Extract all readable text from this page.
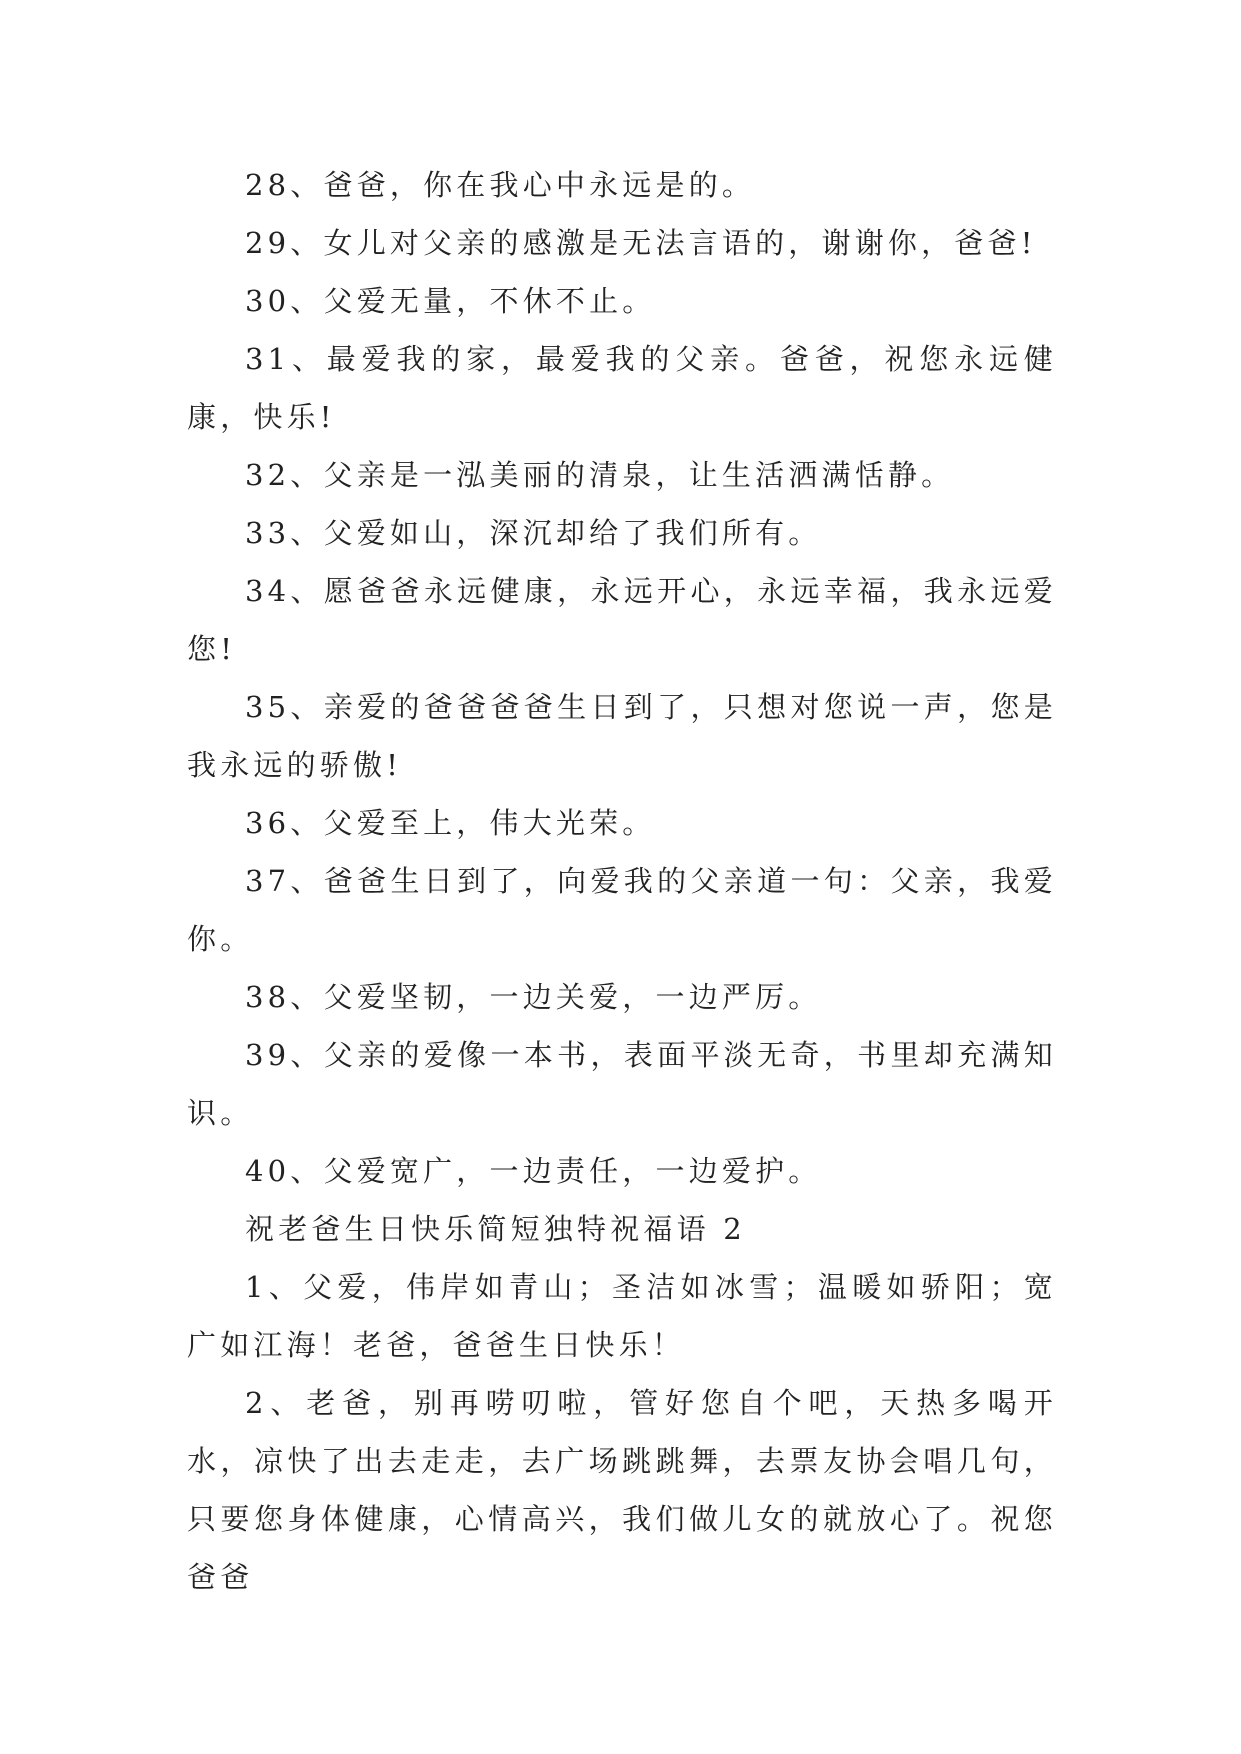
28、爸爸，你在我心中永远是的。

29、女儿对父亲的感激是无法言语的，谢谢你，爸爸!

30、父爱无量，不休不止。

31、最爱我的家，最爱我的父亲。爸爸，祝您永远健康，快乐!

32、父亲是一泓美丽的清泉，让生活洒满恬静。

33、父爱如山，深沉却给了我们所有。

34、愿爸爸永远健康，永远开心，永远幸福，我永远爱您!

35、亲爱的爸爸爸爸生日到了，只想对您说一声，您是我永远的骄傲!

36、父爱至上，伟大光荣。

37、爸爸生日到了，向爱我的父亲道一句：父亲，我爱你。

38、父爱坚韧，一边关爱，一边严厉。

39、父亲的爱像一本书，表面平淡无奇，书里却充满知识。

40、父爱宽广，一边责任，一边爱护。

祝老爸生日快乐简短独特祝福语 2

1、父爱，伟岸如青山；圣洁如冰雪；温暖如骄阳；宽广如江海！老爸，爸爸生日快乐！

2、老爸，别再唠叨啦，管好您自个吧，天热多喝开水，凉快了出去走走，去广场跳跳舞，去票友协会唱几句，只要您身体健康，心情高兴，我们做儿女的就放心了。祝您爸爸
